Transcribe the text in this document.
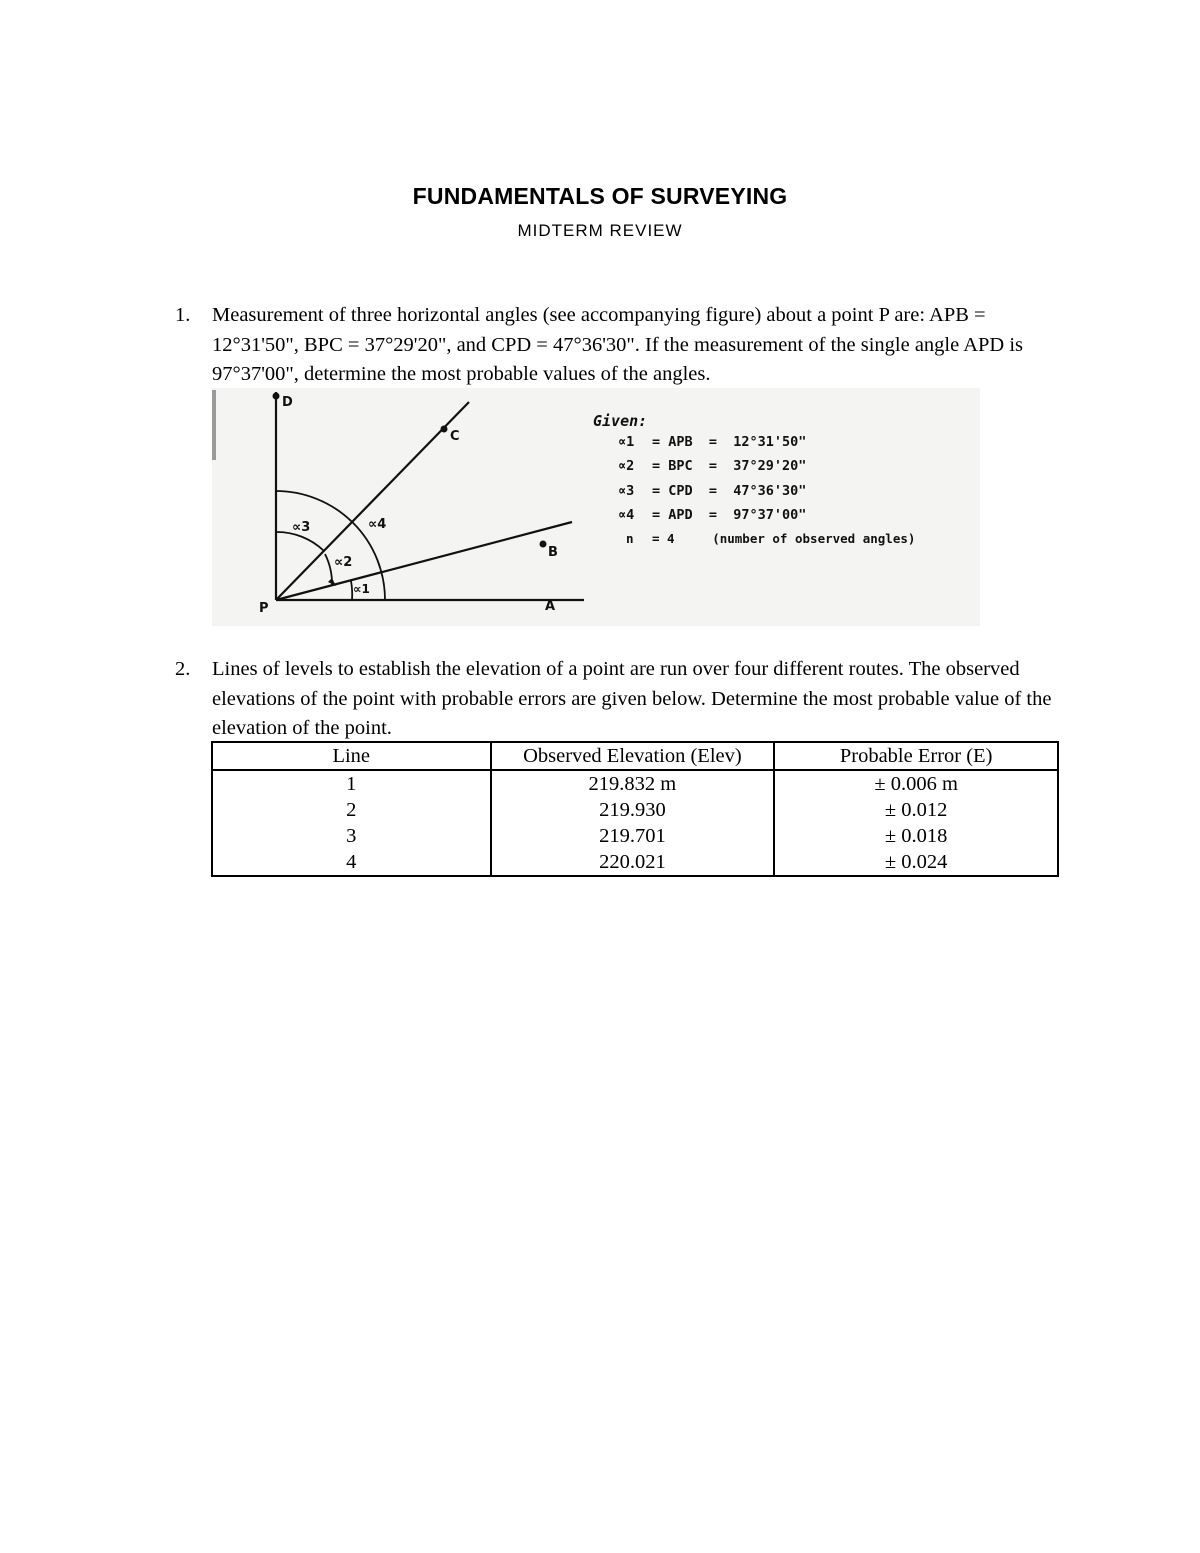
FUNDAMENTALS OF SURVEYING
MIDTERM REVIEW
1. Measurement of three horizontal angles (see accompanying figure) about a point P are: APB = 12°31'50", BPC = 37°29'20", and CPD = 47°36'30". If the measurement of the single angle APD is 97°37'00", determine the most probable values of the angles.
D
C
B
A
P
∝3	∝4
∝2
∝1
Given:
∝1 = APB  =  12°31'50"
∝2 = BPC  =  37°29'20"
∝3 = CPD  =  47°36'30"
∝4 = APD  =  97°37'00"
n = 4     (number of observed angles)
2. Lines of levels to establish the elevation of a point are run over four different routes. The observed elevations of the point with probable errors are given below. Determine the most probable value of the elevation of the point.
Line	Observed Elevation (Elev)	Probable Error (E)
1	219.832 m	± 0.006 m
2	219.930	± 0.012
3	219.701	± 0.018
4	220.021	± 0.024
